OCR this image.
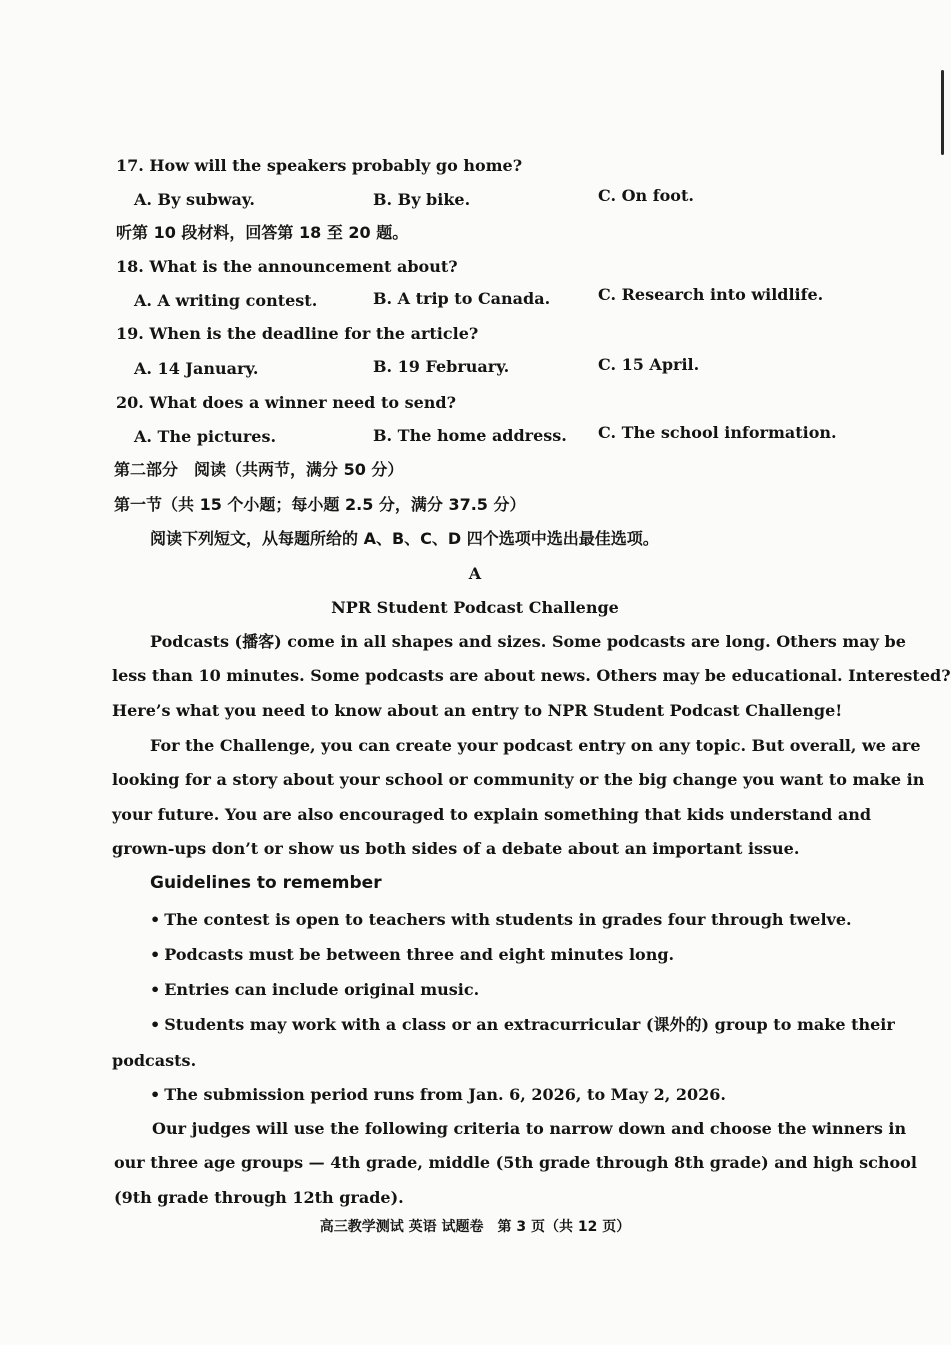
17. How will the speakers probably go home?
A. By subway.	B. By bike.	C. On foot.
听第 10 段材料，回答第 18 至 20 题。
18. What is the announcement about?
A. A writing contest.	B. A trip to Canada.	C. Research into wildlife.
19. When is the deadline for the article?
A. 14 January.	B. 19 February.	C. 15 April.
20. What does a winner need to send?
A. The pictures.	B. The home address. C. The school information.
第二部分　阅读（共两节，满分 50 分）
第一节（共 15 个小题；每小题 2.5 分，满分 37.5 分）
阅读下列短文，从每题所给的 A、B、C、D 四个选项中选出最佳选项。
A
NPR Student Podcast Challenge
Podcasts (播客) come in all shapes and sizes. Some podcasts are long. Others may be
less than 10 minutes. Some podcasts are about news. Others may be educational. Interested?
Here’s what you need to know about an entry to NPR Student Podcast Challenge!
For the Challenge, you can create your podcast entry on any topic. But overall, we are
looking for a story about your school or community or the big change you want to make in
your future. You are also encouraged to explain something that kids understand and
grown-ups don’t or show us both sides of a debate about an important issue.
Guidelines to remember
• The contest is open to teachers with students in grades four through twelve.
• Podcasts must be between three and eight minutes long.
• Entries can include original music.
• Students may work with a class or an extracurricular (课外的) group to make their
podcasts.
• The submission period runs from Jan. 6, 2026, to May 2, 2026.
Our judges will use the following criteria to narrow down and choose the winners in
our three age groups — 4th grade, middle (5th grade through 8th grade) and high school
(9th grade through 12th grade).
高三教学测试 英语 试题卷　第 3 页（共 12 页）
